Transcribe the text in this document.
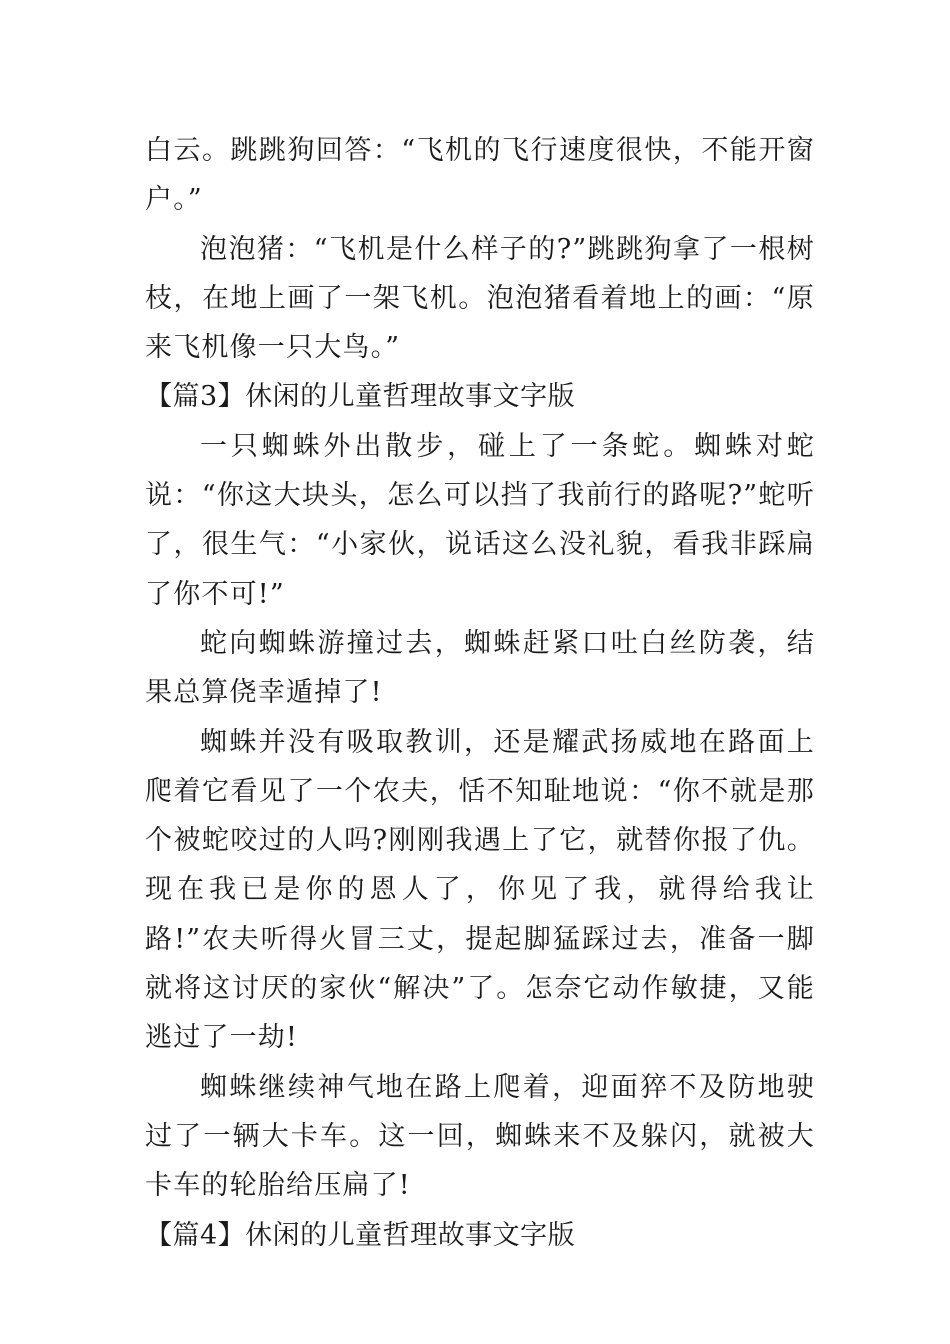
白云。跳跳狗回答：“飞机的飞行速度很快，不能开窗户。”

泡泡猪：“飞机是什么样子的?”跳跳狗拿了一根树枝，在地上画了一架飞机。泡泡猪看着地上的画：“原来飞机像一只大鸟。”

【篇3】休闲的儿童哲理故事文字版

一只蜘蛛外出散步，碰上了一条蛇。蜘蛛对蛇说：“你这大块头，怎么可以挡了我前行的路呢?”蛇听了，很生气：“小家伙，说话这么没礼貌，看我非踩扁了你不可!”

蛇向蜘蛛游撞过去，蜘蛛赶紧口吐白丝防袭，结果总算侥幸遁掉了!

蜘蛛并没有吸取教训，还是耀武扬威地在路面上爬着它看见了一个农夫，恬不知耻地说：“你不就是那个被蛇咬过的人吗?刚刚我遇上了它，就替你报了仇。现在我已是你的恩人了，你见了我，就得给我让路!”农夫听得火冒三丈，提起脚猛踩过去，准备一脚就将这讨厌的家伙“解决”了。怎奈它动作敏捷，又能逃过了一劫!

蜘蛛继续神气地在路上爬着，迎面猝不及防地驶过了一辆大卡车。这一回，蜘蛛来不及躲闪，就被大卡车的轮胎给压扁了!

【篇4】休闲的儿童哲理故事文字版
